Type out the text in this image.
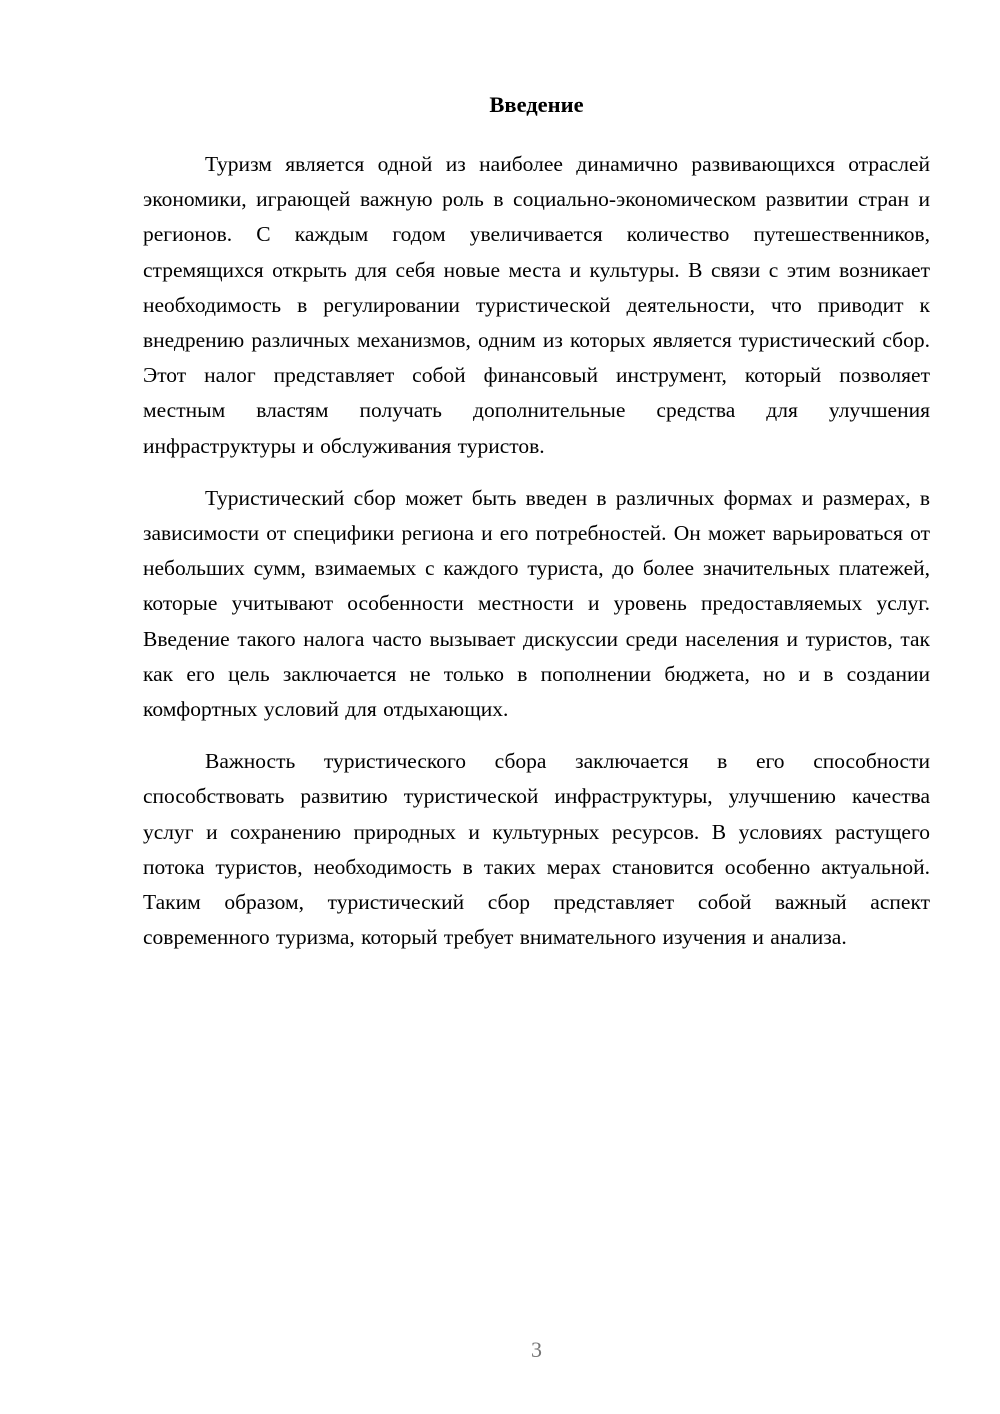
Введение

Туризм является одной из наиболее динамично развивающихся отраслей экономики, играющей важную роль в социально-экономическом развитии стран и регионов. С каждым годом увеличивается количество путешественников, стремящихся открыть для себя новые места и культуры. В связи с этим возникает необходимость в регулировании туристической деятельности, что приводит к внедрению различных механизмов, одним из которых является туристический сбор. Этот налог представляет собой финансовый инструмент, который позволяет местным властям получать дополнительные средства для улучшения инфраструктуры и обслуживания туристов.

Туристический сбор может быть введен в различных формах и размерах, в зависимости от специфики региона и его потребностей. Он может варьироваться от небольших сумм, взимаемых с каждого туриста, до более значительных платежей, которые учитывают особенности местности и уровень предоставляемых услуг. Введение такого налога часто вызывает дискуссии среди населения и туристов, так как его цель заключается не только в пополнении бюджета, но и в создании комфортных условий для отдыхающих.

Важность туристического сбора заключается в его способности способствовать развитию туристической инфраструктуры, улучшению качества услуг и сохранению природных и культурных ресурсов. В условиях растущего потока туристов, необходимость в таких мерах становится особенно актуальной. Таким образом, туристический сбор представляет собой важный аспект современного туризма, который требует внимательного изучения и анализа.

3
